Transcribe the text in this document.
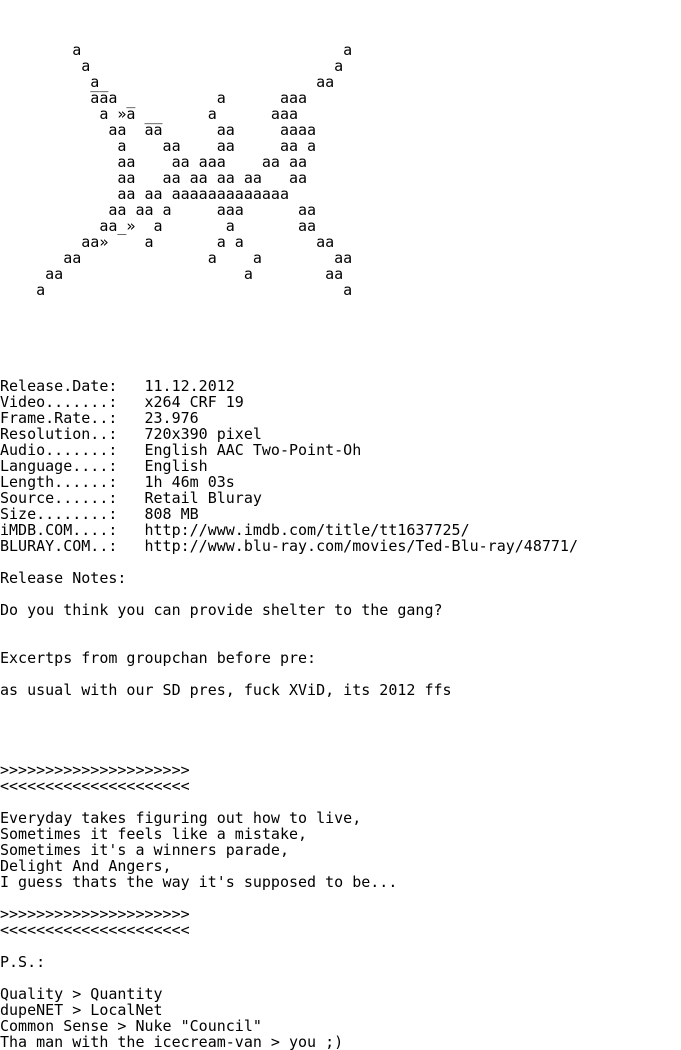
a                             a
a                           a
a                        aa
a̅a̅a           a      aaa
a »a̅        a      aaa
aa  a̅a̅      aa     aaaa
a    aa    aa     aa a
aa    aa aaa    aa aa
aa   aa aa aa aa   aa
aa aa aaaaaaaaaaaaa
aa aa a     aaa      aa
aa_»  a       a       aa
aa»    a       a a        aa
aa              a    a        aa
aa                    a        aa
a                                 a
Release.Date:   11.12.2012
Video.......:   x264 CRF 19
Frame.Rate..:   23.976
Resolution..:   720x390 pixel
Audio.......:   English AAC Two-Point-Oh
Language....:   English
Length......:   1h 46m 03s
Source......:   Retail Bluray
Size........:   808 MB
iMDB.COM....:   http://www.imdb.com/title/tt1637725/
BLURAY.COM..:   http://www.blu-ray.com/movies/Ted-Blu-ray/48771/
Release Notes:
Do you think you can provide shelter to the gang?
Excertps from groupchan before pre:
as usual with our SD pres, fuck XViD, its 2012 ffs
>>>>>>>>>>>>>>>>>>>>>
<<<<<<<<<<<<<<<<<<<<<
Everyday takes figuring out how to live,
Sometimes it feels like a mistake,
Sometimes it's a winners parade,
Delight And Angers,
I guess thats the way it's supposed to be...
>>>>>>>>>>>>>>>>>>>>>
<<<<<<<<<<<<<<<<<<<<<
P.S.:
Quality > Quantity
dupeNET > LocalNet
Common Sense > Nuke "Council"
Tha man with the icecream-van > you ;)
